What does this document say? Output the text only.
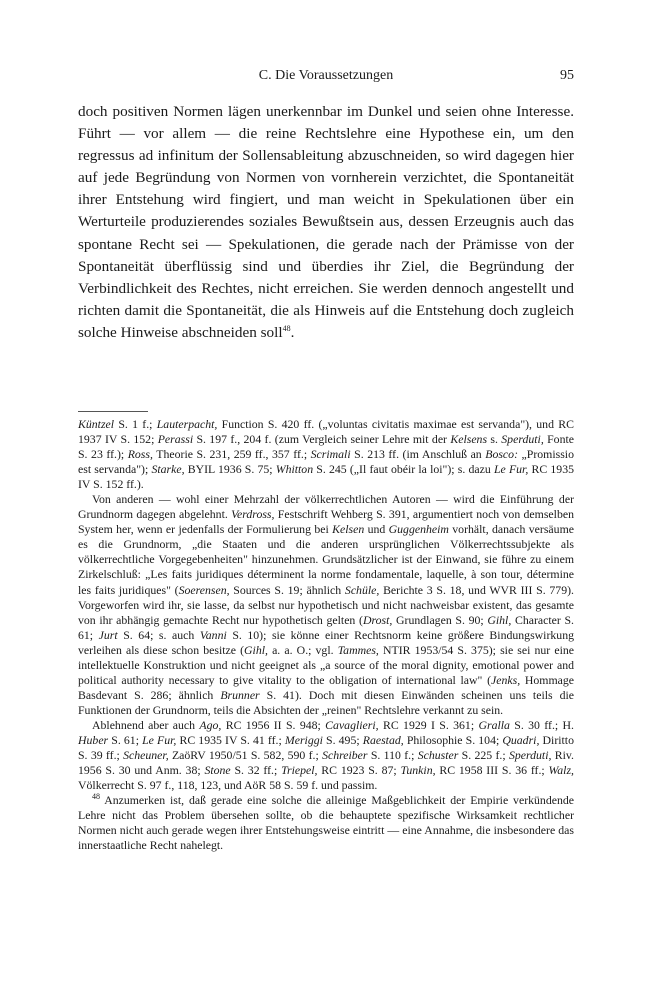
C. Die Voraussetzungen	95

doch positiven Normen lägen unerkennbar im Dunkel und seien ohne Interesse. Führt — vor allem — die reine Rechtslehre eine Hypothese ein, um den regressus ad infinitum der Sollensableitung abzuschneiden, so wird dagegen hier auf jede Begründung von Normen von vornherein verzichtet, die Spontaneität ihrer Entstehung wird fingiert, und man weicht in Spekulationen über ein Werturteile produzierendes soziales Bewußtsein aus, dessen Erzeugnis auch das spontane Recht sei — Spekulationen, die gerade nach der Prämisse von der Spontaneität überflüssig sind und überdies ihr Ziel, die Begründung der Verbindlichkeit des Rechtes, nicht erreichen. Sie werden dennoch angestellt und richten damit die Spontaneität, die als Hinweis auf die Entstehung doch zugleich solche Hinweise abschneiden soll$^{48}$.

Küntzel S. 1 f.; Lauterpacht, Function S. 420 ff. („voluntas civitatis maximae est servanda"), und RC 1937 IV S. 152; Perassi S. 197 f., 204 f. (zum Vergleich seiner Lehre mit der Kelsens s. Sperduti, Fonte S. 23 ff.); Ross, Theorie S. 231, 259 ff., 357 ff.; Scrimali S. 213 ff. (im Anschluß an Bosco: „Promissio est servanda"); Starke, BYIL 1936 S. 75; Whitton S. 245 („Il faut obéir la loi"); s. dazu Le Fur, RC 1935 IV S. 152 ff.).

Von anderen — wohl einer Mehrzahl der völkerrechtlichen Autoren — wird die Einführung der Grundnorm dagegen abgelehnt. Verdross, Festschrift Wehberg S. 391, argumentiert noch von demselben System her, wenn er jedenfalls der Formulierung bei Kelsen und Guggenheim vorhält, danach versäume es die Grundnorm, „die Staaten und die anderen ursprünglichen Völkerrechtssubjekte als völkerrechtliche Vorgegebenheiten" hinzunehmen. Grundsätzlicher ist der Einwand, sie führe zu einem Zirkelschluß: „Les faits juridiques déterminent la norme fondamentale, laquelle, à son tour, détermine les faits juridiques" (Soerensen, Sources S. 19; ähnlich Schüle, Berichte 3 S. 18, und WVR III S. 779). Vorgeworfen wird ihr, sie lasse, da selbst nur hypothetisch und nicht nachweisbar existent, das gesamte von ihr abhängig gemachte Recht nur hypothetisch gelten (Drost, Grundlagen S. 90; Gihl, Character S. 61; Jurt S. 64; s. auch Vanni S. 10); sie könne einer Rechtsnorm keine größere Bindungswirkung verleihen als diese schon besitze (Gihl, a. a. O.; vgl. Tammes, NTIR 1953/54 S. 375); sie sei nur eine intellektuelle Konstruktion und nicht geeignet als „a source of the moral dignity, emotional power and political authority necessary to give vitality to the obligation of international law" (Jenks, Hommage Basdevant S. 286; ähnlich Brunner S. 41). Doch mit diesen Einwänden scheinen uns teils die Funktionen der Grundnorm, teils die Absichten der „reinen" Rechtslehre verkannt zu sein.

Ablehnend aber auch Ago, RC 1956 II S. 948; Cavaglieri, RC 1929 I S. 361; Gralla S. 30 ff.; H. Huber S. 61; Le Fur, RC 1935 IV S. 41 ff.; Meriggi S. 495; Raestad, Philosophie S. 104; Quadri, Diritto S. 39 ff.; Scheuner, ZaöRV 1950/51 S. 582, 590 f.; Schreiber S. 110 f.; Schuster S. 225 f.; Sperduti, Riv. 1956 S. 30 und Anm. 38; Stone S. 32 ff.; Triepel, RC 1923 S. 87; Tunkin, RC 1958 III S. 36 ff.; Walz, Völkerrecht S. 97 f., 118, 123, und AöR 58 S. 59 f. und passim.

$^{48}$ Anzumerken ist, daß gerade eine solche die alleinige Maßgeblichkeit der Empirie verkündende Lehre nicht das Problem übersehen sollte, ob die behauptete spezifische Wirksamkeit rechtlicher Normen nicht auch gerade wegen ihrer Entstehungsweise eintritt — eine Annahme, die insbesondere das innerstaatliche Recht nahelegt.
